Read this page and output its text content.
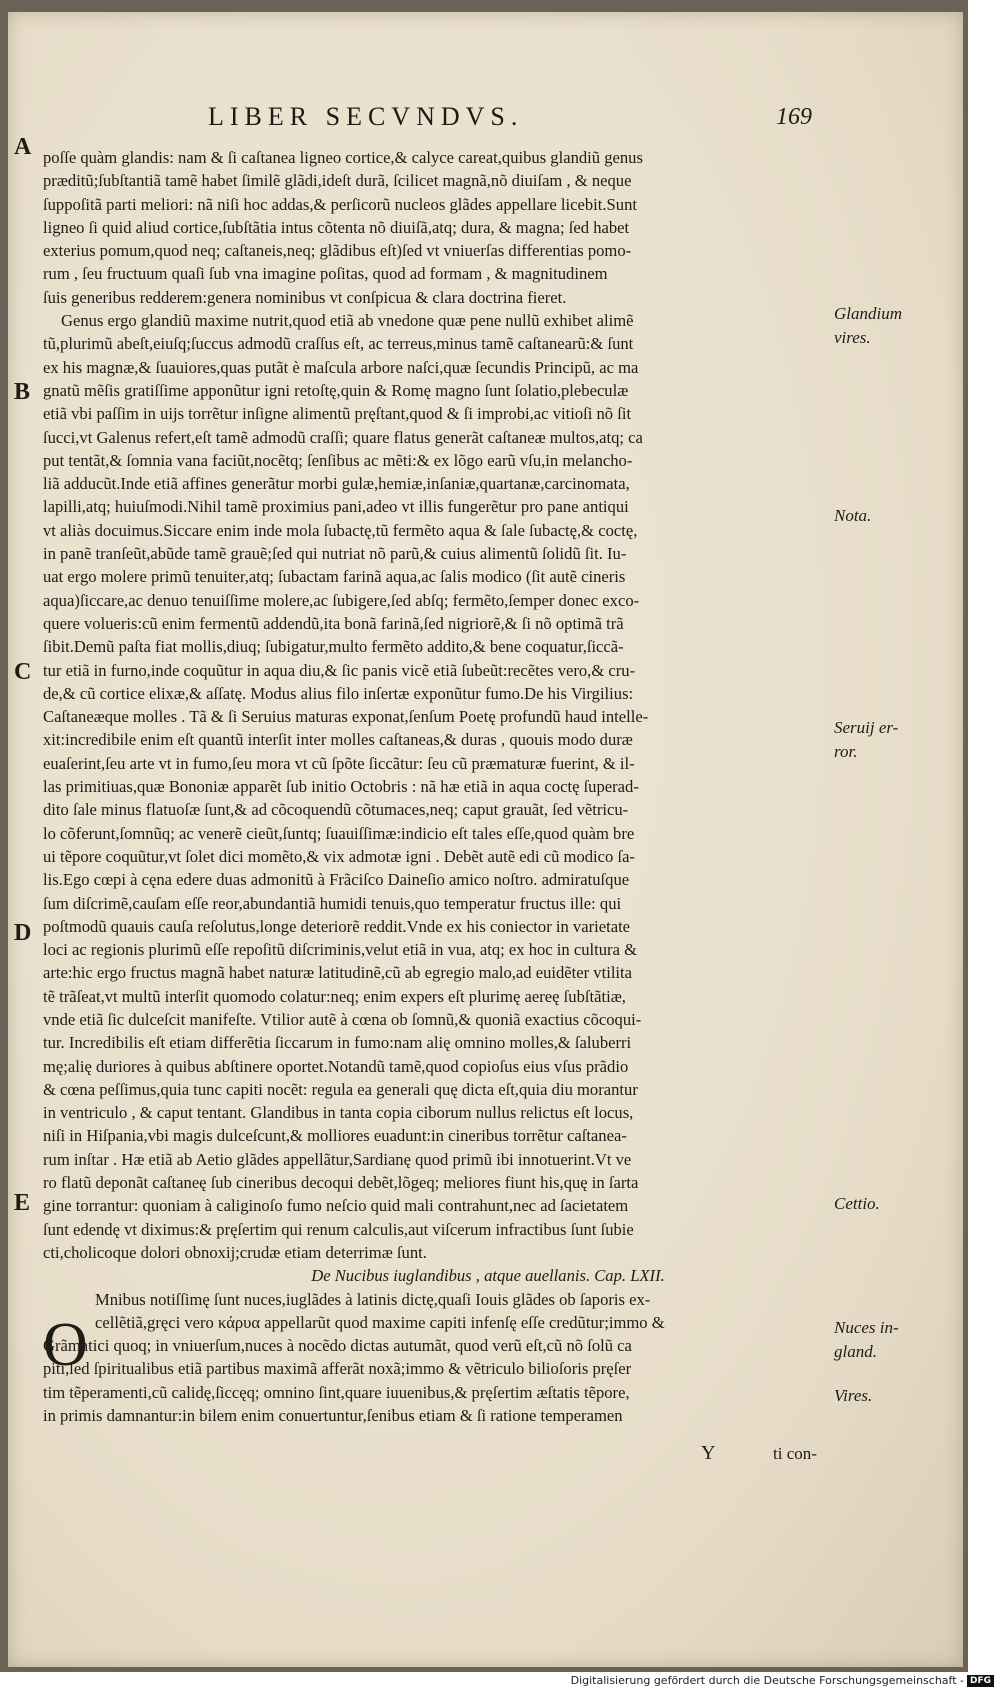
LIBER SECVNDVS.	169
A
B
C
D
E
poſſe quàm glandis: nam & ſi caſtanea ligneo cortice,& calyce careat,quibus glandiũ genus
præditũ;ſubſtantiã tamẽ habet ſimilẽ glãdi,ideſt durã, ſcilicet magnã,nõ diuiſam , & neque
ſuppoſitã parti meliori: nã niſi hoc addas,& perſicorũ nucleos glãdes appellare licebit.Sunt
ligneo ſi quid aliud cortice,ſubſtãtia intus cõtenta nõ diuiſã,atq; dura, & magna; ſed habet
exterius pomum,quod neq; caſtaneis,neq; glãdibus eſt)ſed vt vniuerſas differentias pomo-
rum , ſeu fructuum quaſi ſub vna imagine poſitas, quod ad formam , & magnitudinem
ſuis generibus redderem:genera nominibus vt conſpicua & clara doctrina fieret.
Genus ergo glandiũ maxime nutrit,quod etiã ab vnedone quæ pene nullũ exhibet alimẽ
tũ,plurimũ abeſt,eiuſq;ſuccus admodũ craſſus eſt, ac terreus,minus tamẽ caſtanearũ:& ſunt
ex his magnæ,& ſuauiores,quas putãt è maſcula arbore naſci,quæ ſecundis Principũ, ac ma
gnatũ mẽſis gratiſſime apponũtur igni retoſtę,quin & Romę magno ſunt ſolatio,plebeculæ
etiã vbi paſſim in uijs torrẽtur inſigne alimentũ pręſtant,quod & ſi improbi,ac vitioſi nõ ſit
ſucci,vt Galenus refert,eſt tamẽ admodũ craſſi; quare flatus generãt caſtaneæ multos,atq; ca
put tentãt,& ſomnia vana faciũt,nocẽtq; ſenſibus ac mẽti:& ex lõgo earũ vſu,in melancho-
liã adducũt.Inde etiã affines generãtur morbi gulæ,hemiæ,inſaniæ,quartanæ,carcinomata,
lapilli,atq; huiuſmodi.Nihil tamẽ proximius pani,adeo vt illis fungerẽtur pro pane antiqui
vt aliàs docuimus.Siccare enim inde mola ſubactę,tũ fermẽto aqua & ſale ſubactę,& coctę,
in panẽ tranſeũt,abũde tamẽ grauẽ;ſed qui nutriat nõ parũ,& cuius alimentũ ſolidũ ſit. Iu-
uat ergo molere primũ tenuiter,atq; ſubactam farinã aqua,ac ſalis modico (ſit autẽ cineris
aqua)ſiccare,ac denuo tenuiſſime molere,ac ſubigere,ſed abſq; fermẽto,ſemper donec exco-
quere volueris:cũ enim fermentũ addendũ,ita bonã farinã,ſed nigriorẽ,& ſi nõ optimã trã
ſibit.Demũ paſta fiat mollis,diuq; ſubigatur,multo fermẽto addito,& bene coquatur,ſiccã-
tur etiã in furno,inde coquũtur in aqua diu,& ſic panis vicẽ etiã ſubeũt:recẽtes vero,& cru-
de,& cũ cortice elixæ,& aſſatę. Modus alius filo inſertæ exponũtur fumo.De his Virgilius:
Caſtaneæque molles . Tã & ſi Seruius maturas exponat,ſenſum Poetę profundũ haud intelle-
xit:incredibile enim eſt quantũ interſit inter molles caſtaneas,& duras , quouis modo duræ
euaſerint,ſeu arte vt in fumo,ſeu mora vt cũ ſpõte ſiccãtur: ſeu cũ præmaturæ fuerint, & il-
las primitiuas,quæ Bononiæ apparẽt ſub initio Octobris : nã hæ etiã in aqua coctę ſuperad-
dito ſale minus flatuoſæ ſunt,& ad cõcoquendũ cõtumaces,neq; caput grauãt, ſed vẽtricu-
lo cõferunt,ſomnũq; ac venerẽ cieũt,ſuntq; ſuauiſſimæ:indicio eſt tales eſſe,quod quàm bre
ui tẽpore coquũtur,vt ſolet dici momẽto,& vix admotæ igni . Debẽt autẽ edi cũ modico ſa-
lis.Ego cœpi à cęna edere duas admonitũ à Frãciſco Daineſio amico noſtro. admiratuſque
ſum diſcrimẽ,cauſam eſſe reor,abundantiã humidi tenuis,quo temperatur fructus ille: qui
poſtmodũ quauis cauſa reſolutus,longe deteriorẽ reddit.Vnde ex his coniector in varietate
loci ac regionis plurimũ eſſe repoſitũ diſcriminis,velut etiã in vua, atq; ex hoc in cultura &
arte:hic ergo fructus magnã habet naturæ latitudinẽ,cũ ab egregio malo,ad euidẽter vtilita
tẽ trãſeat,vt multũ interſit quomodo colatur:neq; enim expers eſt plurimę aereę ſubſtãtiæ,
vnde etiã ſic dulceſcit manifeſte. Vtilior autẽ à cœna ob ſomnũ,& quoniã exactius cõcoqui-
tur. Incredibilis eſt etiam differẽtia ſiccarum in fumo:nam alię omnino molles,& ſaluberri
mę;alię duriores à quibus abſtinere oportet.Notandũ tamẽ,quod copioſus eius vſus prãdio
& cœna peſſimus,quia tunc capiti nocẽt: regula ea generali quę dicta eſt,quia diu morantur
in ventriculo , & caput tentant. Glandibus in tanta copia ciborum nullus relictus eſt locus,
niſi in Hiſpania,vbi magis dulceſcunt,& molliores euadunt:in cineribus torrẽtur caſtanea-
rum inſtar . Hæ etiã ab Aetio glãdes appellãtur,Sardianę quod primũ ibi innotuerint.Vt ve
ro flatũ deponãt caſtaneę ſub cineribus decoqui debẽt,lõgeq; meliores fiunt his,quę in ſarta
gine torrantur: quoniam à caliginoſo fumo neſcio quid mali contrahunt,nec ad ſacietatem
ſunt edendę vt diximus:& pręſertim qui renum calculis,aut viſcerum infractibus ſunt ſubie
cti,cholicoque dolori obnoxij;crudæ etiam deterrimæ ſunt.
De Nucibus iuglandibus , atque auellanis. Cap. LXII.
Mnibus notiſſimę ſunt nuces,iuglãdes à latinis dictę,quaſi Iouis glãdes ob ſaporis ex-
cellẽtiã,gręci vero κάρυα appellarũt quod maxime capiti infenſę eſſe credũtur;immo &
Grãmatici quoq; in vniuerſum,nuces à nocẽdo dictas autumãt, quod verũ eſt,cũ nõ ſolũ ca
piti,ſed ſpiritualibus etiã partibus maximã afferãt noxã;immo & vẽtriculo bilioſoris pręſer
tim tẽperamenti,cũ calidę,ſiccęq; omnino ſint,quare iuuenibus,& pręſertim æſtatis tẽpore,
in primis damnantur:in bilem enim conuertuntur,ſenibus etiam & ſi ratione temperamen
O
Glandium
vires.
Nota.
Seruij er-
ror.
Cettio.
Nuces in-
gland.
Vires.
Y	ti con-
Digitalisierung gefördert durch die Deutsche Forschungsgemeinschaft - DFG
